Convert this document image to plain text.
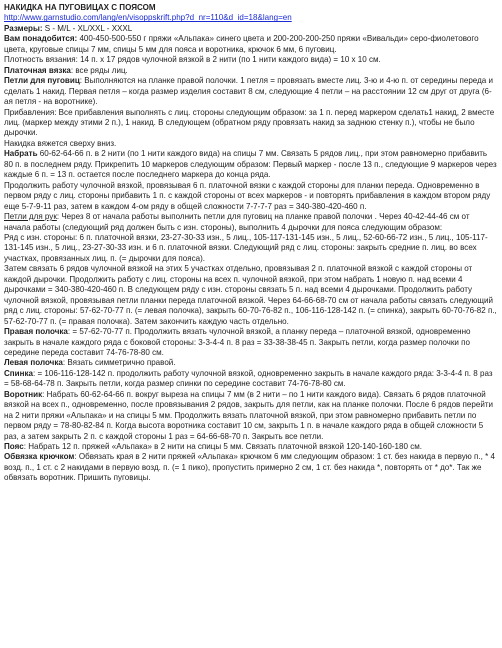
НАКИДКА НА ПУГОВИЦАХ С ПОЯСОМ
http://www.garnstudio.com/lang/en/visoppskrift.php?d_nr=110&d_id=18&lang=en

Размеры: S - M/L - XL/XXL - XXXL

Вам понадобится: 400-450-500-550 г пряжи «Альпака» синего цвета и 200-200-200-250 пряжи «Вивальди» серо-фиолетового цвета, круговые спицы 7 мм, спицы 5 мм для пояса и воротника, крючок 6 мм, 6 пуговиц.

Плотность вязания: 14 п. х 17 рядов чулочной вязкой в 2 нити (по 1 нити каждого вида) = 10 х 10 см.

Платочная вязка: все ряды лиц.

Петли для пуговиц: Выполняются на планке правой полочки. 1 петля = провязать вместе лиц. 3-ю и 4-ю п. от середины переда и сделать 1 накид. Первая петля – когда размер изделия составит 8 см, следующие 4 петли – на расстоянии 12 см друг от друга (6-ая петля - на воротнике).

Прибавления: Все прибавления выполнять с лиц. стороны следующим образом: за 1 п. перед маркером сделать1 накид, 2 вместе лиц. (маркер между этими 2 п.), 1 накид. В следующем (обратном ряду провязать накид за заднюю стенку п.), чтобы не было дырочки.

Накидка вяжется сверху вниз.

Набрать 60-62-64-66 п. в 2 нити (по 1 нити каждого вида) на спицы 7 мм. Связать 5 рядов лиц., при этом равномерно прибавить 80 п. в последнем ряду. Прикрепить 10 маркеров следующим образом: Первый маркер - после 13 п., следующие 9 маркеров через каждые 6 п. = 13 п. остается после последнего маркера до конца ряда.

Продолжить работу чулочной вязкой, провязывая 6 п. платочной вязки с каждой стороны для планки переда. Одновременно в первом ряду с лиц. стороны прибавить 1 п. с каждой стороны от всех маркеров - и повторять прибавления в каждом втором ряду еще 5-7-9-11 раз, затем в каждом 4-ом ряду в общей сложности 7-7-7-7 раз = 340-380-420-460 п.

Петли для рук: Через 8 от начала работы выполнить петли для пуговиц на планке правой полочки . Через 40-42-44-46 см от начала работы (следующий ряд должен быть с изн. стороны), выполнить 4 дырочки для пояса следующим образом:

Ряд с изн. стороны: 6 п. платочной вязки, 23-27-30-33 изн., 5 лиц., 105-117-131-145 изн., 5 лиц., 52-60-66-72 изн., 5 лиц., 105-117-131-145 изн., 5 лиц., 23-27-30-33 изн. и 6 п. платочной вязки. Следующий ряд с лиц. стороны: закрыть средние п. лиц. во всех участках, провязанных лиц. п. (= дырочки для пояса).

Затем связать 6 рядов чулочной вязкой на этих 5 участках отдельно, провязывая 2 п. платочной вязкой с каждой стороны от каждой дырочки. Продолжить работу с лиц. стороны на всех п. чулочной вязкой, при этом набрать 1 новую п. над всеми 4 дырочками = 340-380-420-460 п. В следующем ряду с изн. стороны связать 5 п. над всеми 4 дырочками. Продолжить работу чулочной вязкой, провязывая петли планки переда платочной вязкой. Через 64-66-68-70 см от начала работы связать следующий ряд с лиц. стороны: 57-62-70-77 п. (= левая полочка), закрыть 60-70-76-82 п., 106-116-128-142 п. (= спинка), закрыть 60-70-76-82 п., 57-62-70-77 п. (= правая полочка). Затем закончить каждую часть отдельно.

Правая полочка: = 57-62-70-77 п. Продолжить вязать чулочной вязкой, а планку переда – платочной вязкой, одновременно закрыть в начале каждого ряда с боковой стороны: 3-3-4-4 п. 8 раз = 33-38-38-45 п. Закрыть петли, когда размер полочки по середине переда составит 74-76-78-80 см.

Левая полочка: Вязать симметрично правой.

Спинка: = 106-116-128-142 п. продолжить работу чулочной вязкой, одновременно закрыть в начале каждого ряда: 3-3-4-4 п. 8 раз = 58-68-64-78 п. Закрыть петли, когда размер спинки по середине составит 74-76-78-80 см.

Воротник: Набрать 60-62-64-66 п. вокруг выреза на спицы 7 мм (в 2 нити – по 1 нити каждого вида). Связать 6 рядов платочной вязкой на всех п., одновременно, после провязывания 2 рядов, закрыть для петли, как на планке полочки. После 6 рядов перейти на 2 нити пряжи «Альпака» и на спицы 5 мм. Продолжить вязать платочной вязкой, при этом равномерно прибавить петли по первом ряду = 78-80-82-84 п. Когда высота воротника составит 10 см, закрыть 1 п. в начале каждого ряда в общей сложности 5 раз, а затем закрыть 2 п. с каждой стороны 1 раз = 64-66-68-70 п. Закрыть все петли.

Пояс: Набрать 12 п. пряжей «Альпака» в 2 нити на спицы 5 мм. Связать платочной вязкой 120-140-160-180 см.

Обвязка крючком: Обвязать края в 2 нити пряжей «Альпака» крючком 6 мм следующим образом: 1 ст. без накида в первую п., * 4 возд. п., 1 ст. с 2 накидами в первую возд. п. (= 1 пико), пропустить примерно 2 см, 1 ст. без накида *, повторять от * до*. Так же обвязать воротник. Пришить пуговицы.
